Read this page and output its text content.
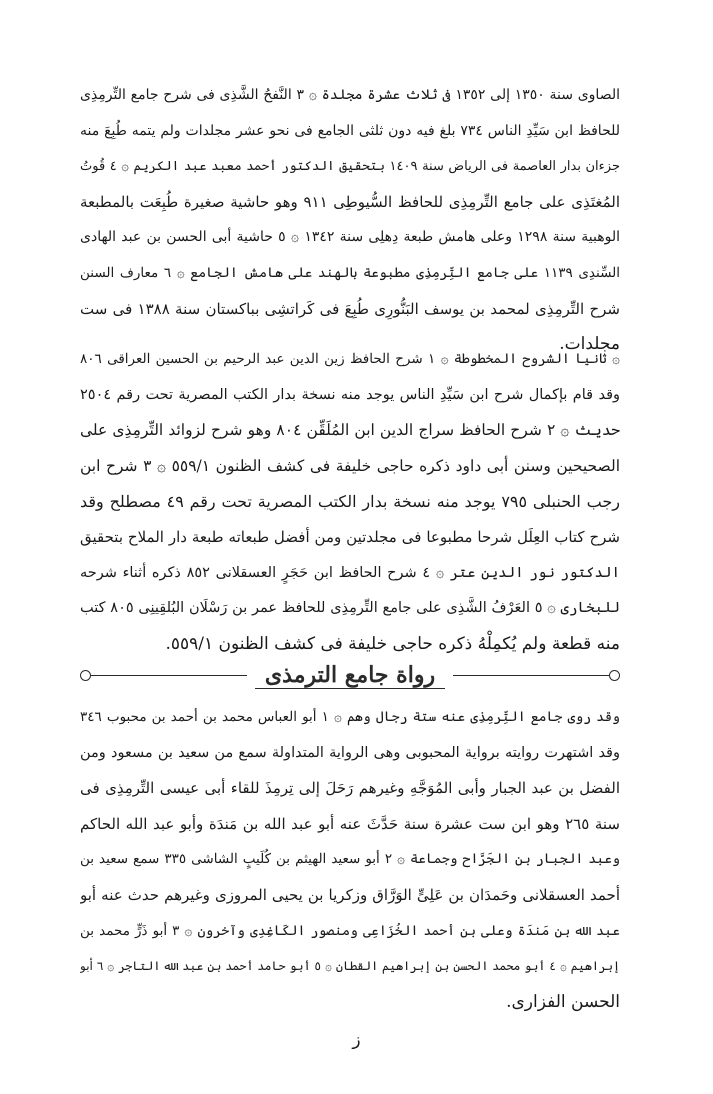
الصاوى سنة ١٣٥٠ إلى ١٣٥٢ فى ثلاث عشرة مجلدة ۞ ٣ النَّفحُ الشَّذِى فى شرح جامع التِّرمِذِى
للحافظ ابن سَيِّدِ الناس ٧٣٤ بلغ فيه دون ثلثى الجامع فى نحو عشر مجلدات ولم يتمه طُبِعَ منه
جزءان بدار العاصمة فى الرياض سنة ١٤٠٩ بتحقيق الدكتور أحمد معبد عبد الكريم ۞ ٤ قُوتُ
المُغتَذِى على جامع التِّرمِذِى للحافظ السُّيوطِى ٩١١ وهو حاشية صغيرة طُبِعَت بالمطبعة
الوهبية سنة ١٢٩٨ وعلى هامش طبعة دِهلِى سنة ١٣٤٢ ۞ ٥ حاشية أبى الحسن بن عبد الهادى
السِّندِى ١١٣٩ على جامع التِّرمِذِى مطبوعة بالهند على هامش الجامع ۞ ٦ معارف السنن
شرح التِّرمِذِى لمحمد بن يوسف البَنُّورِى طُبِعَ فى كَراتشِى بباكستان سنة ١٣٨٨ فى ست
مجلدات.
۞ ثانيا الشروح المخطوطة ۞ ١ شرح الحافظ زين الدين عبد الرحيم بن الحسين العراقى ٨٠٦
وقد قام بإكمال شرح ابن سَيِّدِ الناس يوجد منه نسخة بدار الكتب المصرية تحت رقم ٢٥٠٤
حديث ۞ ٢ شرح الحافظ سراج الدين ابن المُلَقِّن ٨٠٤ وهو شرح لزوائد التِّرمِذِى على
الصحيحين وسنن أبى داود ذكره حاجى خليفة فى كشف الظنون ٥٥٩/١ ۞ ٣ شرح ابن
رجب الحنبلى ٧٩٥ يوجد منه نسخة بدار الكتب المصرية تحت رقم ٤٩ مصطلح وقد
شرح كتاب العِلَل شرحا مطبوعا فى مجلدتين ومن أفضل طبعاته طبعة دار الملاح بتحقيق
الدكتور نور الدين عتر ۞ ٤ شرح الحافظ ابن حَجَرٍ العسقلانى ٨٥٢ ذكره أثناء شرحه
للبخارى ۞ ٥ العَرْفُ الشَّذِى على جامع التِّرمِذِى للحافظ عمر بن رَسْلَان البُلقِينِى ٨٠٥ كتب
منه قطعة ولم يُكمِلْهُ ذكره حاجى خليفة فى كشف الظنون ٥٥٩/١.
رواة جامع الترمذى
وقد روى جامع التِّرمِذِى عنه ستة رجال وهم ۞ ١ أبو العباس محمد بن أحمد بن محبوب ٣٤٦
وقد اشتهرت روايته برواية المحبوبى وهى الرواية المتداولة سمع من سعيد بن مسعود ومن
الفضل بن عبد الجبار وأبى المُوَجَّهِ وغيرهم رَحَلَ إلى تِرمِذَ للقاء أبى عيسى التِّرمِذِى فى
سنة ٢٦٥ وهو ابن ست عشرة سنة حَدَّثَ عنه أبو عبد الله بن مَندَة وأبو عبد الله الحاكم
وعبد الجبار بن الجَرَّاح وجماعة ۞ ٢ أبو سعيد الهيثم بن كُلَيبٍ الشاشى ٣٣٥ سمع سعيد بن
أحمد العسقلانى وحَمدَان بن عَلِىٍّ الوَرَّاق وزكريا بن يحيى المروزى وغيرهم حدث عنه أبو
عبد الله بن مَندَة وعلى بن أحمد الخُزَاعِى ومنصور الكَاغِدِى وآخرون ۞ ٣ أبو ذَرٍّ محمد بن
إبراهيم ۞ ٤ أبو محمد الحسن بن إبراهيم القطان ۞ ٥ أبو حامد أحمد بن عبد الله التاجر ۞ ٦ أبو
الحسن الفزارى.
ز
